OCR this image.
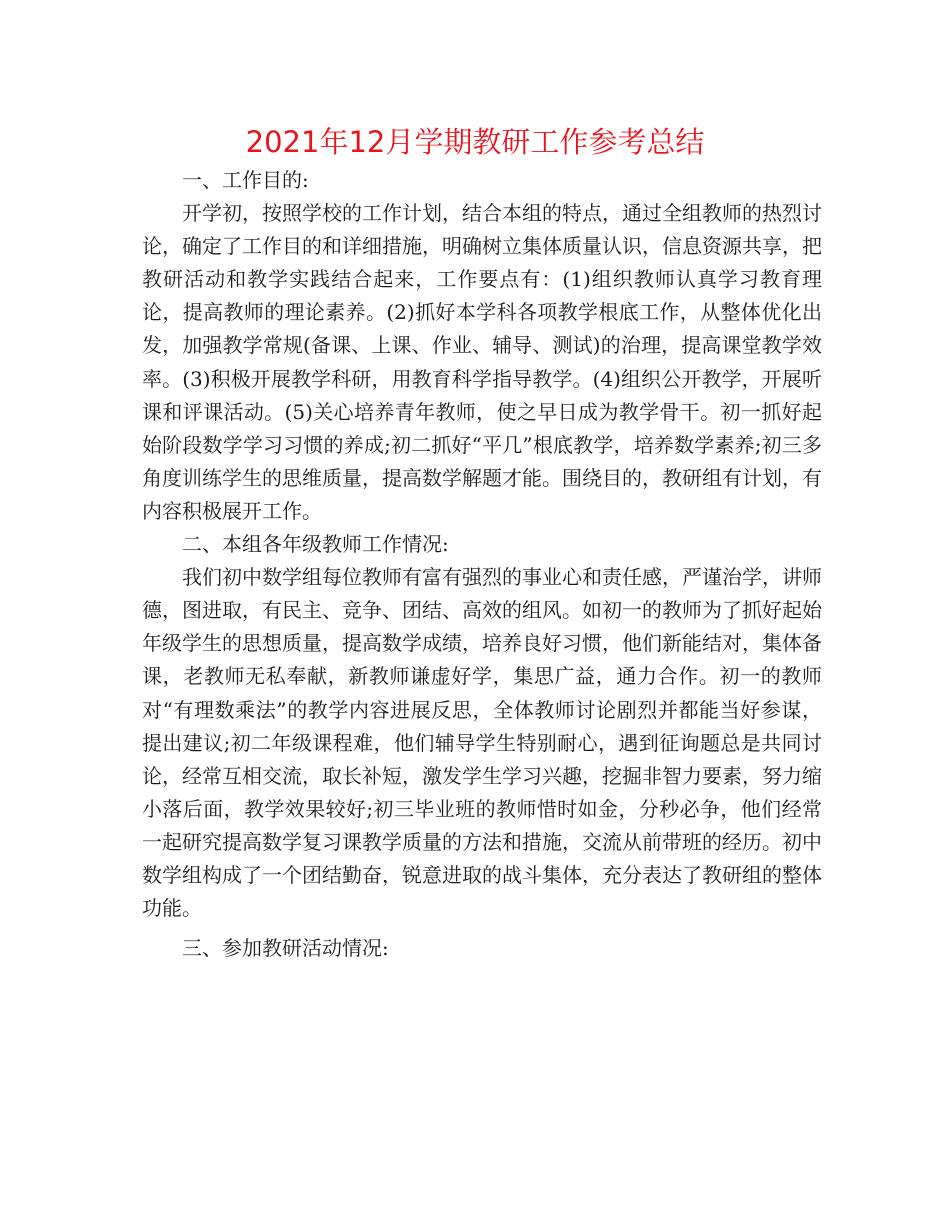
2021年12月学期教研工作参考总结

一、工作目的:

开学初，按照学校的工作计划，结合本组的特点，通过全组教师的热烈讨论，确定了工作目的和详细措施，明确树立集体质量认识，信息资源共享，把教研活动和教学实践结合起来，工作要点有：(1)组织教师认真学习教育理论，提高教师的理论素养。(2)抓好本学科各项教学根底工作，从整体优化出发，加强教学常规(备课、上课、作业、辅导、测试)的治理，提高课堂教学效率。(3)积极开展教学科研，用教育科学指导教学。(4)组织公开教学，开展听课和评课活动。(5)关心培养青年教师，使之早日成为教学骨干。初一抓好起始阶段数学学习习惯的养成;初二抓好“平几”根底教学，培养数学素养;初三多角度训练学生的思维质量，提高数学解题才能。围绕目的，教研组有计划，有内容积极展开工作。

二、本组各年级教师工作情况:

我们初中数学组每位教师有富有强烈的事业心和责任感，严谨治学，讲师德，图进取，有民主、竞争、团结、高效的组风。如初一的教师为了抓好起始年级学生的思想质量，提高数学成绩，培养良好习惯，他们新能结对，集体备课，老教师无私奉献，新教师谦虚好学，集思广益，通力合作。初一的教师对“有理数乘法”的教学内容进展反思，全体教师讨论剧烈并都能当好参谋，提出建议;初二年级课程难，他们辅导学生特别耐心，遇到征询题总是共同讨论，经常互相交流，取长补短，激发学生学习兴趣，挖掘非智力要素，努力缩小落后面，教学效果较好;初三毕业班的教师惜时如金，分秒必争，他们经常一起研究提高数学复习课教学质量的方法和措施，交流从前带班的经历。初中数学组构成了一个团结勤奋，锐意进取的战斗集体，充分表达了教研组的整体功能。

三、参加教研活动情况:
